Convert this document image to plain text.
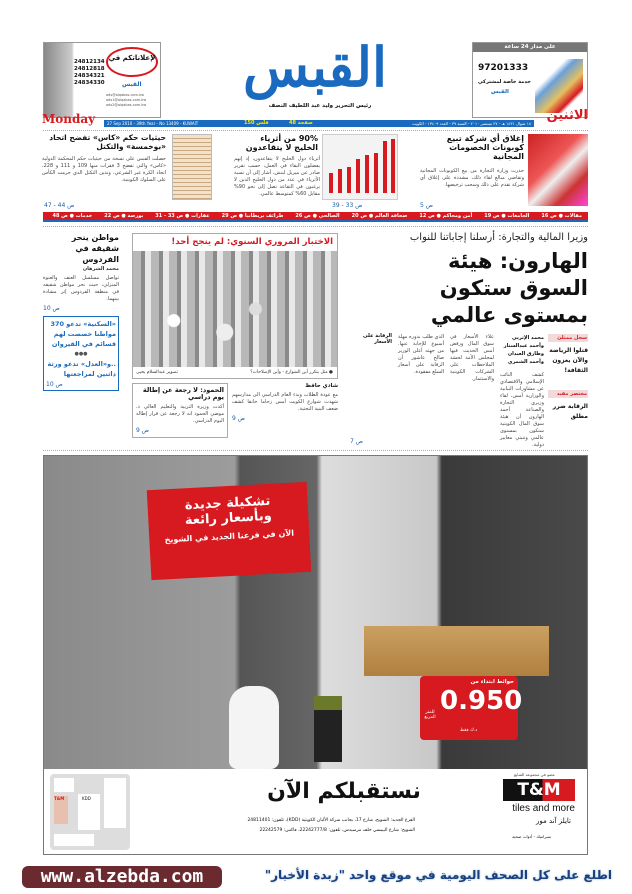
لإعلاناتكم في
24812134
24812818
24834321
24834330	القبس
ads@alqabas.com.kw
ads1@alqabas.com.kw
ads2@alqabas.com.kw
القبس
رئيس التحرير وليد عبد اللطيف النصف
على مدار 24 ساعة
97201333
خدمة خاصة لمشتركي
القبس
Monday	الاثنين
27 Sep 2010 - 39th Year - No 13409 - KUWAIT	150 فلس	48 صفحة	١٨ شوال ١٤٣١ هـ - ٢٧ سبتمبر ٢٠١٠ - السنة ٣٩ - العدد ١٣٤٠٩ - الكويت
إغلاق أي شركة تبيع كوبونات الخصومات المجانية
حذرت وزارة التجارة من بيع الكوبونات المجانية وتقاضي مبالغ لقاء ذلك، مشددة على إغلاق أي شركة تقدم على ذلك وسحب ترخيصها.
ص 5
90% من أثرياء الخليج لا يتقاعدون
أثرياء دول الخليج لا يتقاعدون، إذ إنهم يفضلون البقاء في العمل، حسب تقرير صادر عن ميريل لينش، أشار إلى أن نسبة الأثرياء في عدد من دول الخليج الذين لا يرغبون في التقاعد تصل إلى نحو 90% مقابل 60% كمتوسط عالمي.
ص 33 - 39
حيثيات حكم «كاس» تفضح اتحاد «بوخمسة» والتكتل
حصلت القبس على نسخة من حيثيات حكم المحكمة الدولية «كاس» والتي تفضح 3 فقرات منها 109 و 111 و 228، اتحاد الكرة غير الشرعي، وتدين التكتل الذي حرمت الكأس على السلوك الكويتية.
ص 44 - 47
مقالات ● ص 16الجامعات ● ص 19أمن ومحاكم ● ص 12صحافة العالم ● ص 20الصالحي ● ص 26طرائف بريطانيا ● ص 29عقارات ● ص 33 - 31بورصة ● ص 22خدمات ● ص 48
وزيرا المالية والتجارة: أرسلنا إجاباتنا للنواب
الهارون: هيئة السوق ستكون بمستوى عالمي
محمد الإتربي وأحمد عبدالستار وطارق العيدان وأحمد الشمري
كشف النائب الإسلامي والاقتصادي عن مشاورات النيابية والوزارية أمس، لقاء وزيري التجارة والصناعة أحمد الهارون أن هيئة سوق المال الكويتية ستكون بمستوى عالمي وتنبني معايير دولية.
علاء الأسعار في سوق المال ورفض أمس الحديث فيها لمجلس الأمة لحشد الملاحظات على الشركات الكويتية والاستثمار.
الذي طلب بدوره مهلة أسبوع للإجابة عنها. من جهته أعلن الوزير صالح عاشور أن الرقابة على أسعار السلع مفقودة.
الرقابة على الأسعار
ص 7
سجل ممتلئ
قتلوا الرياضة والآن يغزون الثقافة!
مختصر مفيد
الرقابة ضرر مطلق
الاختبار المروري السنوي: لم ينجح أحد!
● مثل يتكرر أين الشوارع - وأين الإصلاحات؟
تصوير عبدالسلام يحيى
شادي حافظ
مع عودة الطلاب وبدء العام الدراسي الى مدارسهم شهدت شوارع الكويت أمس زحاما خانقا كشف ضعف البنية التحتية.
ص 9
الحمود: لا رجعة عن إطالة يوم دراسي
أكدت وزيرة التربية والتعليم العالي د. موضي الحمود انه لا رجعة عن قرار إطالة اليوم الدراسي.
ص 9
مواطن ينحر شقيقه في الفردوس
محمد الشرهان
تواصل مسلسل العنف والعنوة المنزلي، حيث نحر مواطن شقيقه في منطقة الفردوس إثر مشادة بينهما.
ص 10
«السكنية» تدعو 370 مواطنا خصصت لهم قسائم في القيروان
●●●
..و«العدل» تدعو ورثة داثنين لمراجعتها
ص 10
تشكيلة جديدة
وبأسعار رائعة
الآن في فرعنا الجديد في الشويخ
حوائط ابتداء من
0.950
د.ك فقط
للمتر المربع
KDD
T&M	نستقبلكم الآن
الفرع الجديد: الشويخ، شارع 17، بجانب شركة الألبان الكويتية (KDD)، تلفون: 24811401
الشويخ: شارع البيبسي خلف مرسيدس، تلفون: 22242777/8، فاكس: 22242579
عضو في مجموعة الشايع
T&M
tiles and more
تايلز آند مور
سيراميك - أدوات صحية
www.alzebda.com	اطلع على كل الصحف اليومية في موقع واحد "زبدة الأخبار"
